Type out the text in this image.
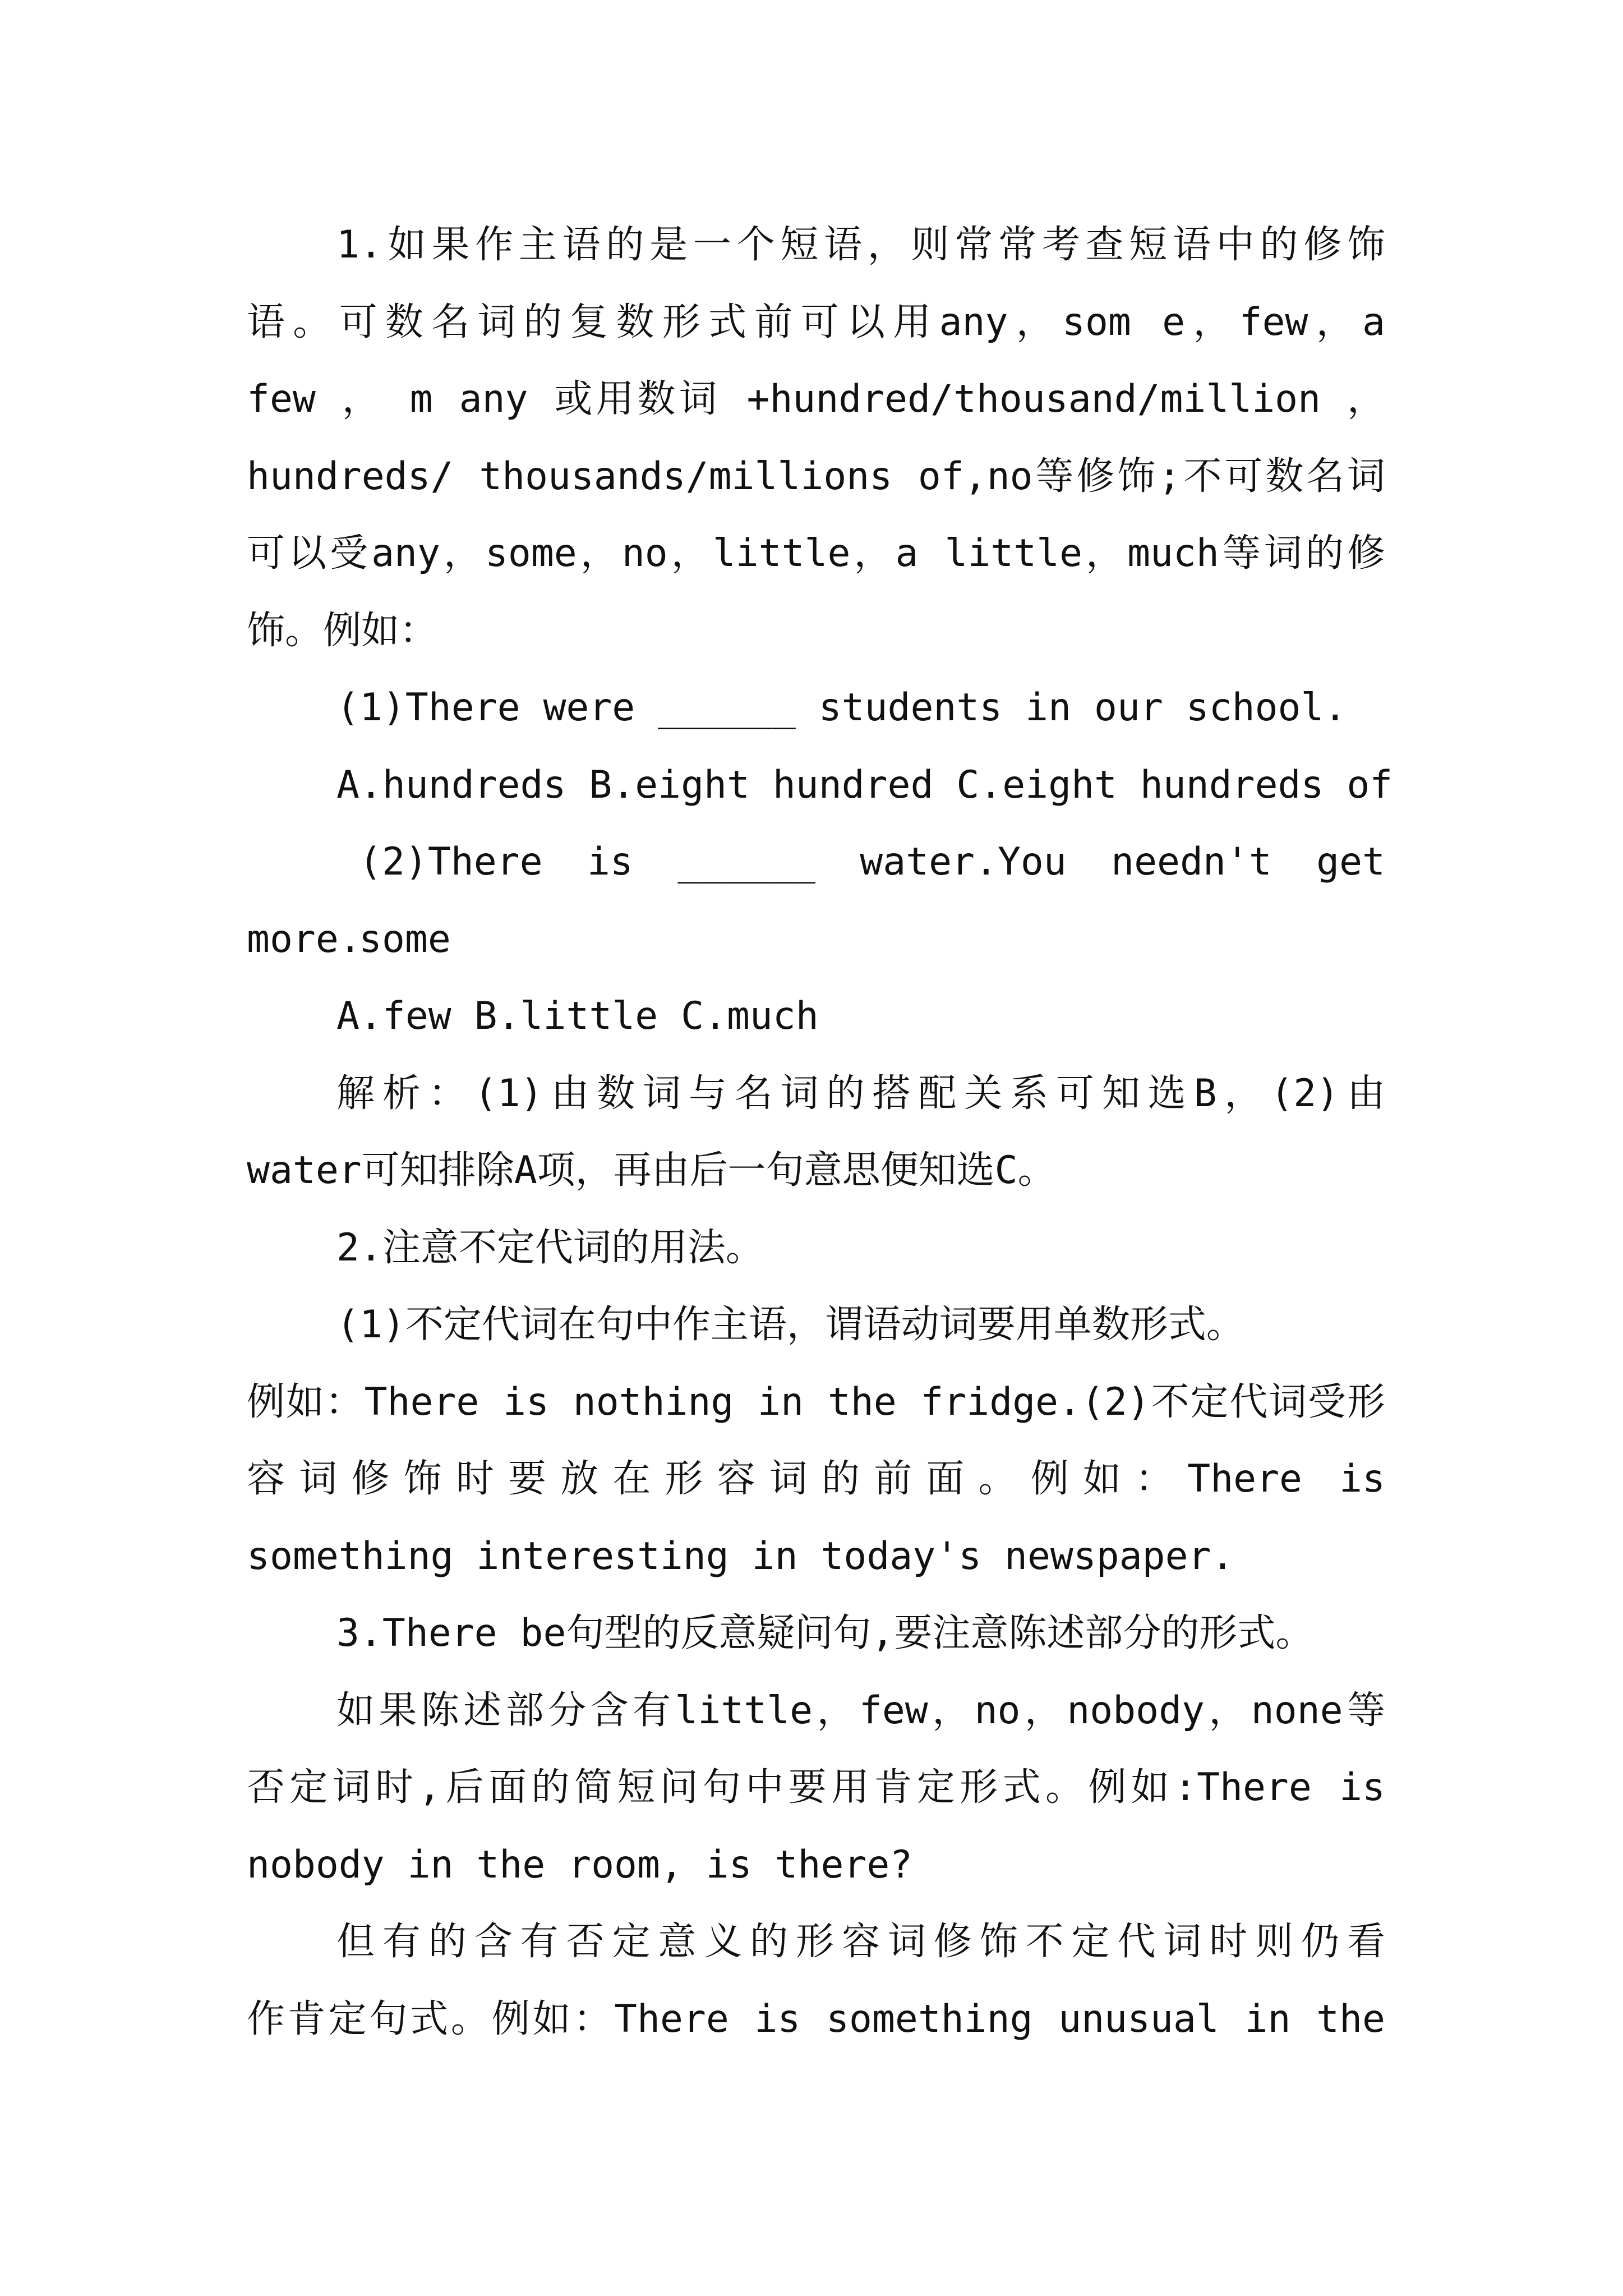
1.如果作主语的是一个短语，则常常考查短语中的修饰
语。可数名词的复数形式前可以用any，som e，few，a
few ， m any 或用数词 +hundred/thousand/million ，
hundreds/ thousands/millions of,no等修饰;不可数名词
可以受any，some，no，little，a little，much等词的修
饰。例如：
(1)There were ______ students in our school.
A.hundreds B.eight hundred C.eight hundreds of
(2)There is ______ water.You needn't get some
more.
A.few B.little C.much
解析：(1)由数词与名词的搭配关系可知选B，(2)由
water可知排除A项，再由后一句意思便知选C。
2.注意不定代词的用法。
(1)不定代词在句中作主语，谓语动词要用单数形式。
例如：There is nothing in the fridge.(2)不定代词受形
容词修饰时要放在形容词的前面。例如：There is
something interesting in today's newspaper.
3.There be句型的反意疑问句,要注意陈述部分的形式。
如果陈述部分含有little，few，no，nobody，none等
否定词时,后面的简短问句中要用肯定形式。例如:There is
nobody in the room, is there?
但有的含有否定意义的形容词修饰不定代词时则仍看
作肯定句式。例如：There is something unusual in the
